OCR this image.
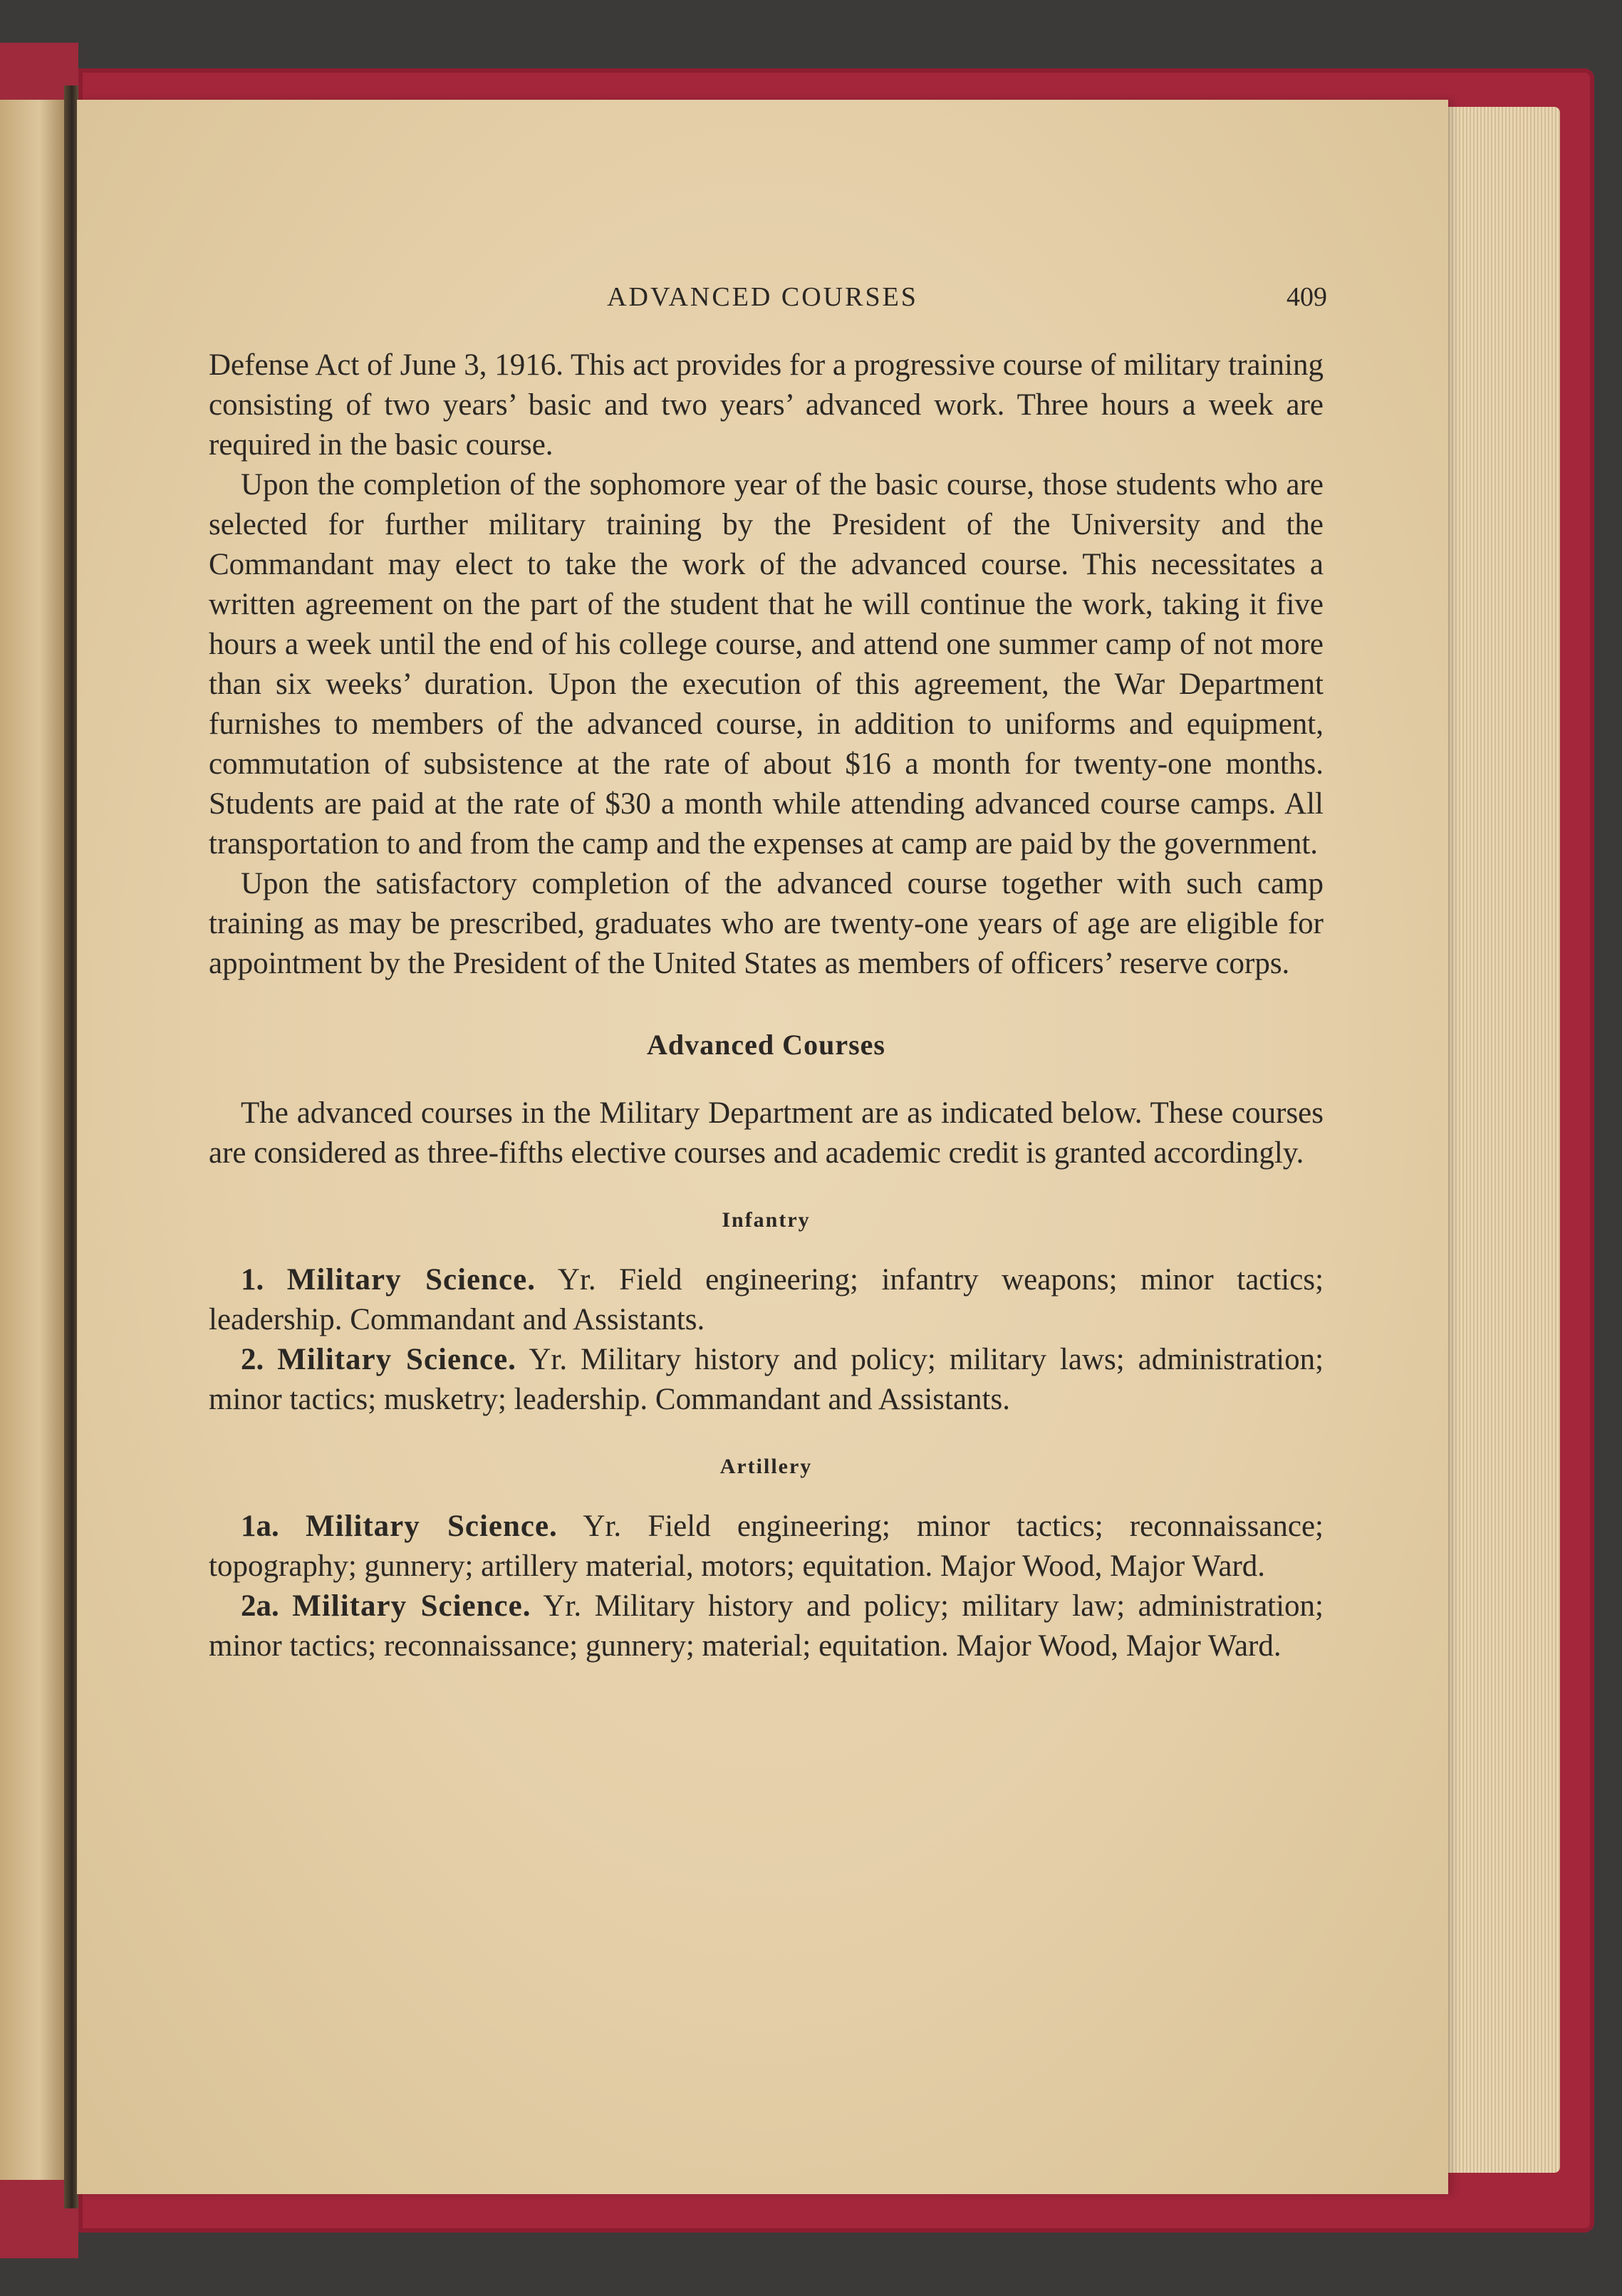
ADVANCED COURSES	409

Defense Act of June 3, 1916. This act provides for a progressive course of military training consisting of two years’ basic and two years’ advanced work. Three hours a week are required in the basic course.

Upon the completion of the sophomore year of the basic course, those students who are selected for further military training by the President of the University and the Commandant may elect to take the work of the advanced course. This necessitates a written agreement on the part of the student that he will continue the work, taking it five hours a week until the end of his college course, and attend one summer camp of not more than six weeks’ duration. Upon the execution of this agreement, the War Department furnishes to members of the advanced course, in addition to uniforms and equipment, commutation of subsistence at the rate of about $16 a month for twenty-one months. Students are paid at the rate of $30 a month while attending advanced course camps. All transportation to and from the camp and the expenses at camp are paid by the government.

Upon the satisfactory completion of the advanced course together with such camp training as may be prescribed, graduates who are twenty-one years of age are eligible for appointment by the President of the United States as members of officers’ reserve corps.

Advanced Courses

The advanced courses in the Military Department are as indicated below. These courses are considered as three-fifths elective courses and academic credit is granted accordingly.

Infantry

1. Military Science. Yr. Field engineering; infantry weapons; minor tactics; leadership. Commandant and Assistants.

2. Military Science. Yr. Military history and policy; military laws; administration; minor tactics; musketry; leadership. Commandant and Assistants.

Artillery

1a. Military Science. Yr. Field engineering; minor tactics; reconnaissance; topography; gunnery; artillery material, motors; equitation. Major Wood, Major Ward.

2a. Military Science. Yr. Military history and policy; military law; administration; minor tactics; reconnaissance; gunnery; material; equitation. Major Wood, Major Ward.
